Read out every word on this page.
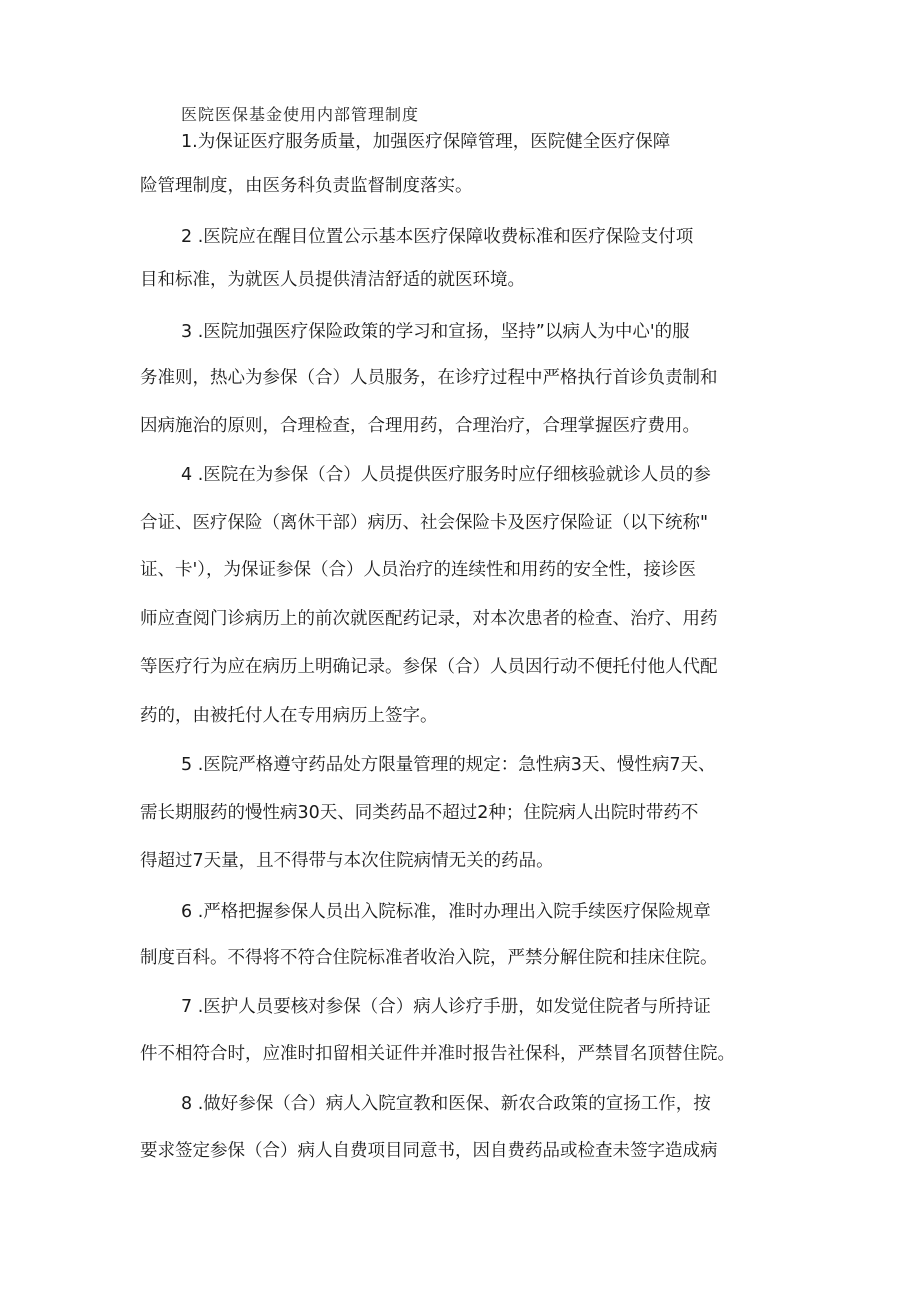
医院医保基金使用内部管理制度
1.为保证医疗服务质量，加强医疗保障管理，医院健全医疗保障
险管理制度，由医务科负责监督制度落实。
2 .医院应在醒目位置公示基本医疗保障收费标准和医疗保险支付项
目和标准，为就医人员提供清洁舒适的就医环境。
3 .医院加强医疗保险政策的学习和宣扬，坚持”以病人为中心'的服
务准则，热心为参保（合）人员服务，在诊疗过程中严格执行首诊负责制和
因病施治的原则，合理检查，合理用药，合理治疗，合理掌握医疗费用。
4 .医院在为参保（合）人员提供医疗服务时应仔细核验就诊人员的参
合证、医疗保险（离休干部）病历、社会保险卡及医疗保险证（以下统称"
证、卡'），为保证参保（合）人员治疗的连续性和用药的安全性，接诊医
师应查阅门诊病历上的前次就医配药记录，对本次患者的检查、治疗、用药
等医疗行为应在病历上明确记录。参保（合）人员因行动不便托付他人代配
药的，由被托付人在专用病历上签字。
5 .医院严格遵守药品处方限量管理的规定：急性病3天、慢性病7天、
需长期服药的慢性病30天、同类药品不超过2种；住院病人出院时带药不
得超过7天量，且不得带与本次住院病情无关的药品。
6 .严格把握参保人员出入院标准，准时办理出入院手续医疗保险规章
制度百科。不得将不符合住院标准者收治入院，严禁分解住院和挂床住院。
7 .医护人员要核对参保（合）病人诊疗手册，如发觉住院者与所持证
件不相符合时，应准时扣留相关证件并准时报告社保科，严禁冒名顶替住院。
8 .做好参保（合）病人入院宣教和医保、新农合政策的宣扬工作，按
要求签定参保（合）病人自费项目同意书，因自费药品或检查未签字造成病
